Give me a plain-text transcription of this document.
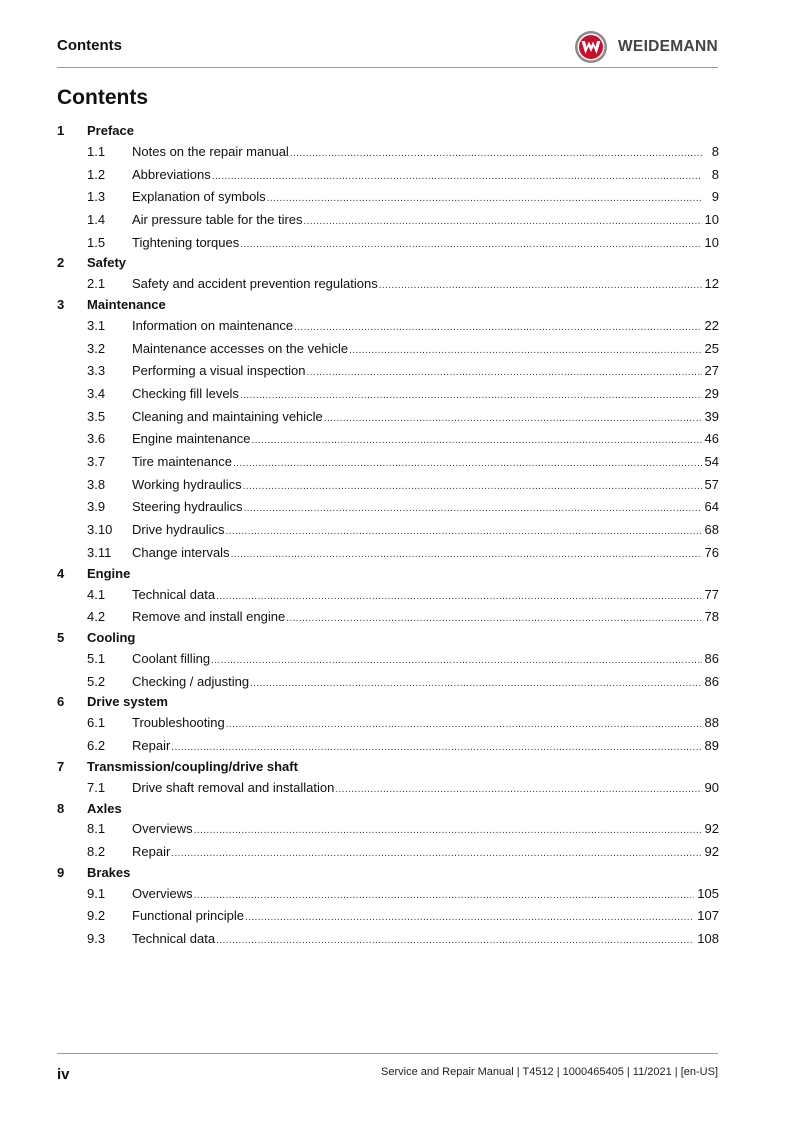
Contents	WEIDEMANN
Contents
1	Preface
1.1	Notes on the repair manual .....	8
1.2	Abbreviations .....	8
1.3	Explanation of symbols .....	9
1.4	Air pressure table for the tires .....	10
1.5	Tightening torques .....	10
2	Safety
2.1	Safety and accident prevention regulations .....	12
3	Maintenance
3.1	Information on maintenance .....	22
3.2	Maintenance accesses on the vehicle .....	25
3.3	Performing a visual inspection .....	27
3.4	Checking fill levels .....	29
3.5	Cleaning and maintaining vehicle .....	39
3.6	Engine maintenance .....	46
3.7	Tire maintenance .....	54
3.8	Working hydraulics .....	57
3.9	Steering hydraulics .....	64
3.10	Drive hydraulics .....	68
3.11	Change intervals .....	76
4	Engine
4.1	Technical data .....	77
4.2	Remove and install engine .....	78
5	Cooling
5.1	Coolant filling .....	86
5.2	Checking / adjusting .....	86
6	Drive system
6.1	Troubleshooting .....	88
6.2	Repair .....	89
7	Transmission/coupling/drive shaft
7.1	Drive shaft removal and installation .....	90
8	Axles
8.1	Overviews .....	92
8.2	Repair .....	92
9	Brakes
9.1	Overviews .....	105
9.2	Functional principle .....	107
9.3	Technical data .....	108
iv	Service and Repair Manual | T4512 | 1000465405 | 11/2021 | [en-US]
